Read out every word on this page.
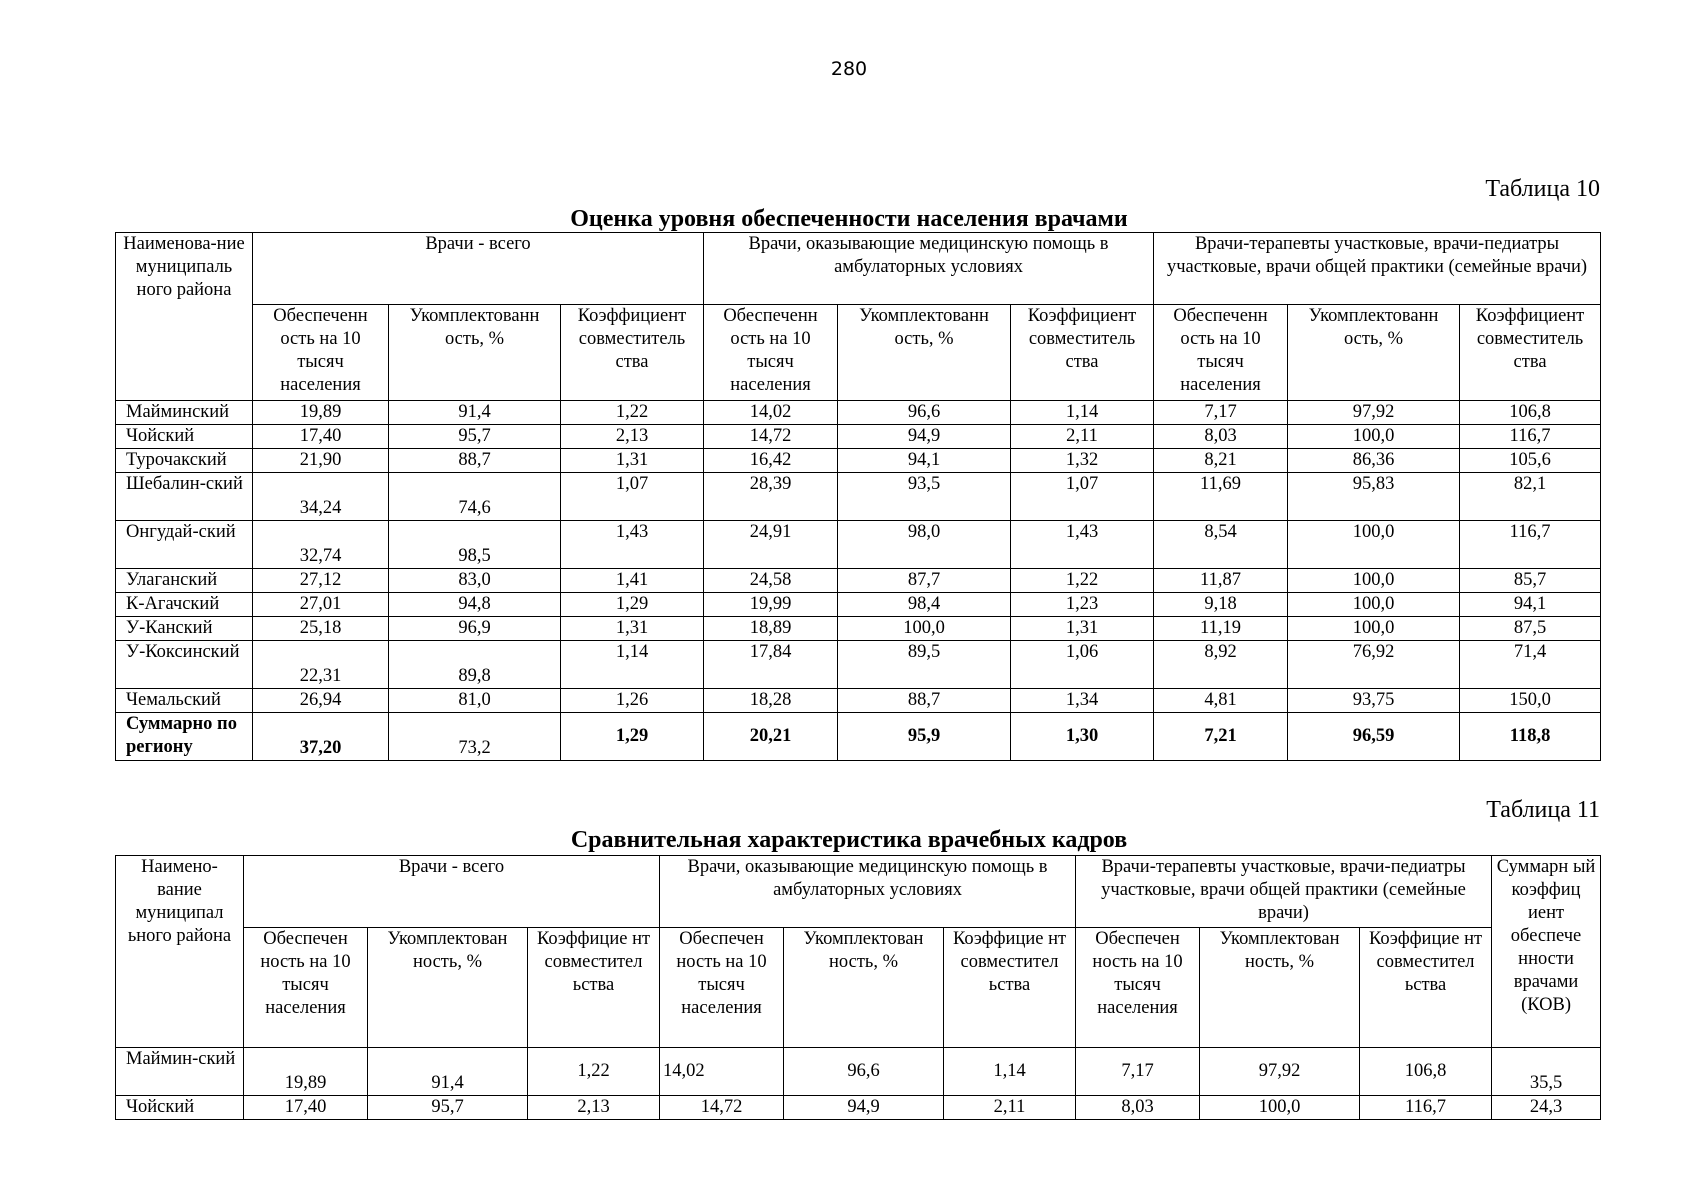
280
Таблица 10
Оценка уровня обеспеченности населения врачами
Наименова-ние муниципаль ного района	Врачи - всего			Врачи, оказывающие медицинскую помощь в амбулаторных условиях			Врачи-терапевты участковые, врачи-педиатры участковые, врачи общей практики (семейные врачи)		
	Обеспеченн ость на 10 тысяч населения	Укомплектованн ость, %	Коэффициент совместитель ства	Обеспеченн ость на 10 тысяч населения	Укомплектованн ость, %	Коэффициент совместитель ства	Обеспеченн ость на 10 тысяч населения	Укомплектованн ость, %	Коэффициент совместитель ства
Майминский	19,89	91,4	1,22	14,02	96,6	1,14	7,17	97,92	106,8
Чойский	17,40	95,7	2,13	14,72	94,9	2,11	8,03	100,0	116,7
Турочакский	21,90	88,7	1,31	16,42	94,1	1,32	8,21	86,36	105,6
Шебалин-ский	34,24	74,6	1,07	28,39	93,5	1,07	11,69	95,83	82,1
Онгудай-ский	32,74	98,5	1,43	24,91	98,0	1,43	8,54	100,0	116,7
Улаганский	27,12	83,0	1,41	24,58	87,7	1,22	11,87	100,0	85,7
К-Агачский	27,01	94,8	1,29	19,99	98,4	1,23	9,18	100,0	94,1
У-Канский	25,18	96,9	1,31	18,89	100,0	1,31	11,19	100,0	87,5
У-Коксинский	22,31	89,8	1,14	17,84	89,5	1,06	8,92	76,92	71,4
Чемальский	26,94	81,0	1,26	18,28	88,7	1,34	4,81	93,75	150,0
Суммарно по региону	37,20	73,2	1,29	20,21	95,9	1,30	7,21	96,59	118,8
Таблица 11
Сравнительная характеристика врачебных кадров
Наимено-вание муниципал ьного района	Врачи - всего			Врачи, оказывающие медицинскую помощь в амбулаторных условиях			Врачи-терапевты участковые, врачи-педиатры участковые, врачи общей практики (семейные врачи)			Суммарн ый коэффиц иент обеспече нности врачами (КОВ)
	Обеспечен ность на 10 тысяч населения	Укомплектован ность, %	Коэффицие нт совместител ьства	Обеспечен ность на 10 тысяч населения	Укомплектован ность, %	Коэффицие нт совместител ьства	Обеспечен ность на 10 тысяч населения	Укомплектован ность, %	Коэффицие нт совместител ьства	
Маймин-ский	19,89	91,4	1,22	14,02	96,6	1,14	7,17	97,92	106,8	35,5
Чойский	17,40	95,7	2,13	14,72	94,9	2,11	8,03	100,0	116,7	24,3
